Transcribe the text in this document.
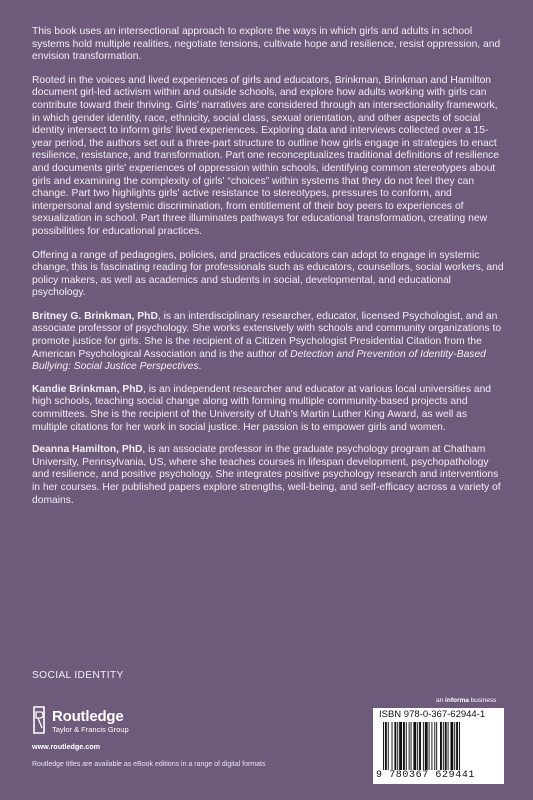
This book uses an intersectional approach to explore the ways in which girls and adults in school systems hold multiple realities, negotiate tensions, cultivate hope and resilience, resist oppression, and envision transformation.

Rooted in the voices and lived experiences of girls and educators, Brinkman, Brinkman and Hamilton document girl-led activism within and outside schools, and explore how adults working with girls can contribute toward their thriving. Girls' narratives are considered through an intersectionality framework, in which gender identity, race, ethnicity, social class, sexual orientation, and other aspects of social identity intersect to inform girls' lived experiences. Exploring data and interviews collected over a 15-year period, the authors set out a three-part structure to outline how girls engage in strategies to enact resilience, resistance, and transformation. Part one reconceptualizes traditional definitions of resilience and documents girls' experiences of oppression within schools, identifying common stereotypes about girls and examining the complexity of girls' “choices” within systems that they do not feel they can change. Part two highlights girls' active resistance to stereotypes, pressures to conform, and interpersonal and systemic discrimination, from entitlement of their boy peers to experiences of sexualization in school. Part three illuminates pathways for educational transformation, creating new possibilities for educational practices.

Offering a range of pedagogies, policies, and practices educators can adopt to engage in systemic change, this is fascinating reading for professionals such as educators, counsellors, social workers, and policy makers, as well as academics and students in social, developmental, and educational psychology.

Britney G. Brinkman, PhD, is an interdisciplinary researcher, educator, licensed Psychologist, and an associate professor of psychology. She works extensively with schools and community organizations to promote justice for girls. She is the recipient of a Citizen Psychologist Presidential Citation from the American Psychological Association and is the author of Detection and Prevention of Identity-Based Bullying: Social Justice Perspectives.

Kandie Brinkman, PhD, is an independent researcher and educator at various local universities and high schools, teaching social change along with forming multiple community-based projects and committees. She is the recipient of the University of Utah's Martin Luther King Award, as well as multiple citations for her work in social justice. Her passion is to empower girls and women.

Deanna Hamilton, PhD, is an associate professor in the graduate psychology program at Chatham University, Pennsylvania, US, where she teaches courses in lifespan development, psychopathology and resilience, and positive psychology. She integrates positive psychology research and interventions in her courses. Her published papers explore strengths, well-being, and self-efficacy across a variety of domains.

SOCIAL IDENTITY
Routledge
Taylor & Francis Group
www.routledge.com
Routledge titles are available as eBook editions in a range of digital formats
an informa business
ISBN 978-0-367-62944-1
9 780367 629441
